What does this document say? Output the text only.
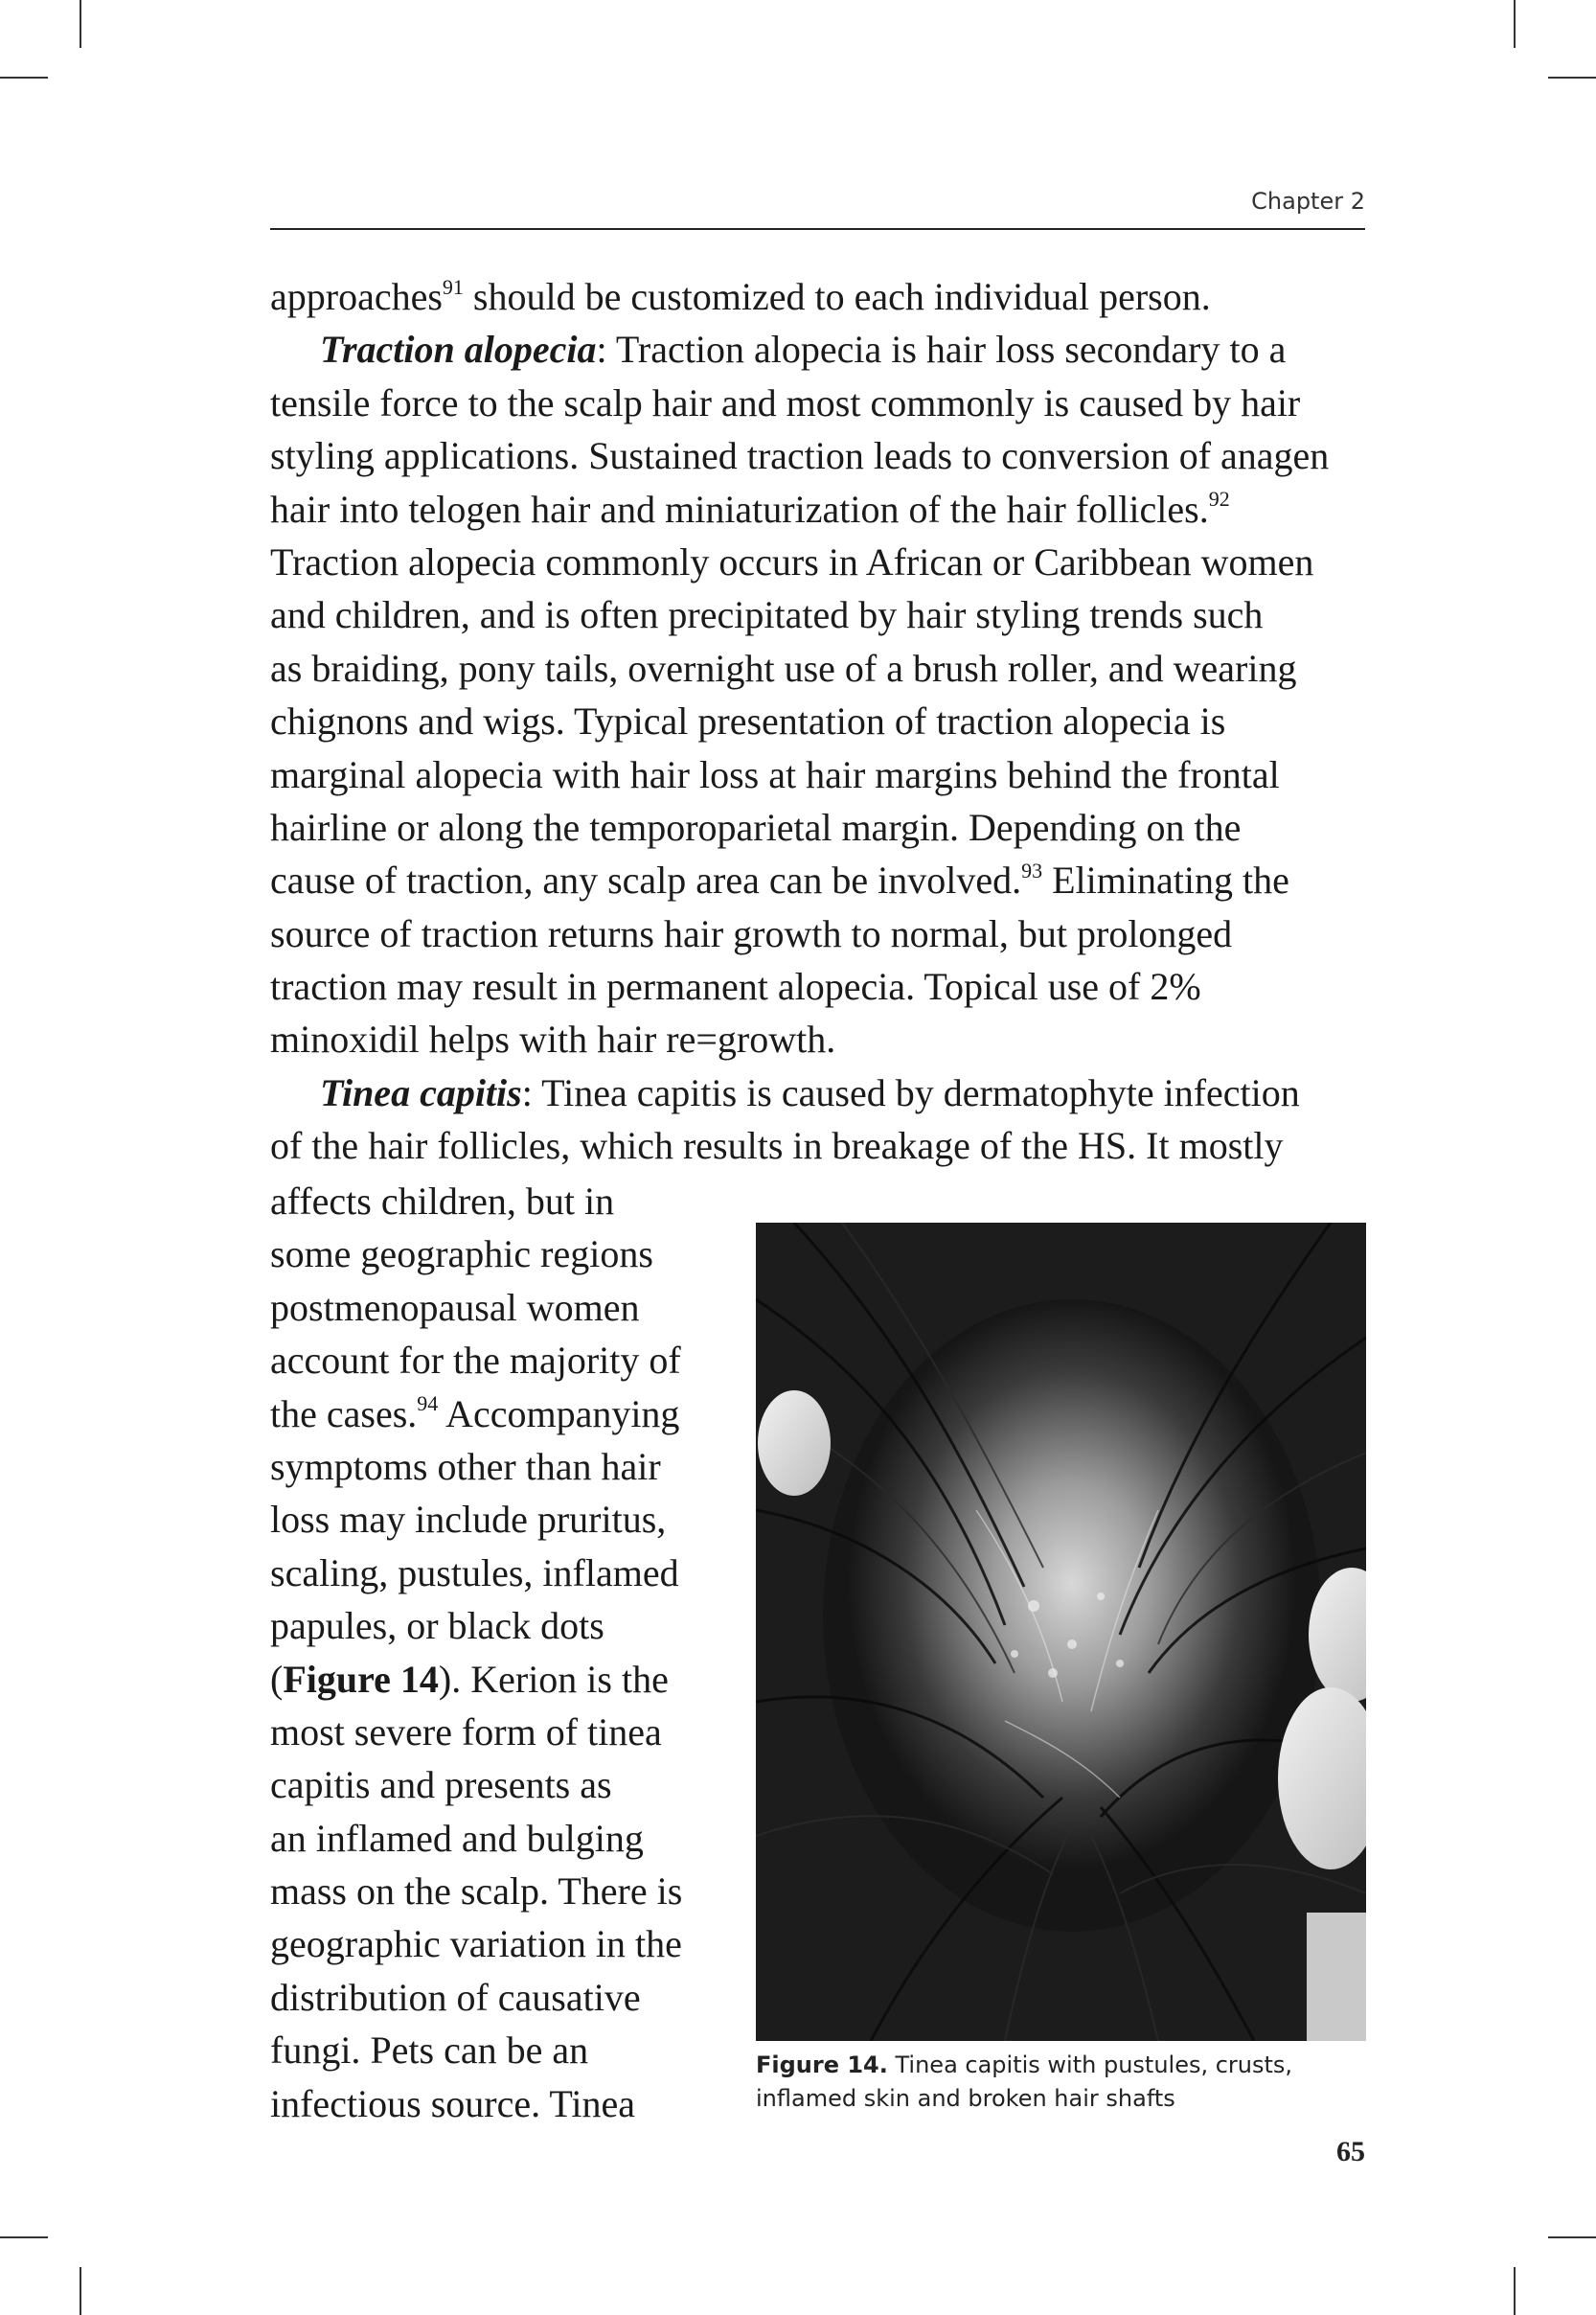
Chapter 2
approaches$^{91}$ should be customized to each individual person.
Traction alopecia: Traction alopecia is hair loss secondary to a
tensile force to the scalp hair and most commonly is caused by hair
styling applications. Sustained traction leads to conversion of anagen
hair into telogen hair and miniaturization of the hair follicles.$^{92}$
Traction alopecia commonly occurs in African or Caribbean women
and children, and is often precipitated by hair styling trends such
as braiding, pony tails, overnight use of a brush roller, and wearing
chignons and wigs. Typical presentation of traction alopecia is
marginal alopecia with hair loss at hair margins behind the frontal
hairline or along the temporoparietal margin. Depending on the
cause of traction, any scalp area can be involved.$^{93}$ Eliminating the
source of traction returns hair growth to normal, but prolonged
traction may result in permanent alopecia. Topical use of 2%
minoxidil helps with hair re=growth.
Tinea capitis: Tinea capitis is caused by dermatophyte infection
of the hair follicles, which results in breakage of the HS. It mostly
affects children, but in
some geographic regions
postmenopausal women
account for the majority of
the cases.$^{94}$ Accompanying
symptoms other than hair
loss may include pruritus,
scaling, pustules, inflamed
papules, or black dots
(Figure 14). Kerion is the
most severe form of tinea
capitis and presents as
an inflamed and bulging
mass on the scalp. There is
geographic variation in the
distribution of causative
fungi. Pets can be an
infectious source. Tinea
Figure 14. Tinea capitis with pustules, crusts,
inflamed skin and broken hair shafts
65
